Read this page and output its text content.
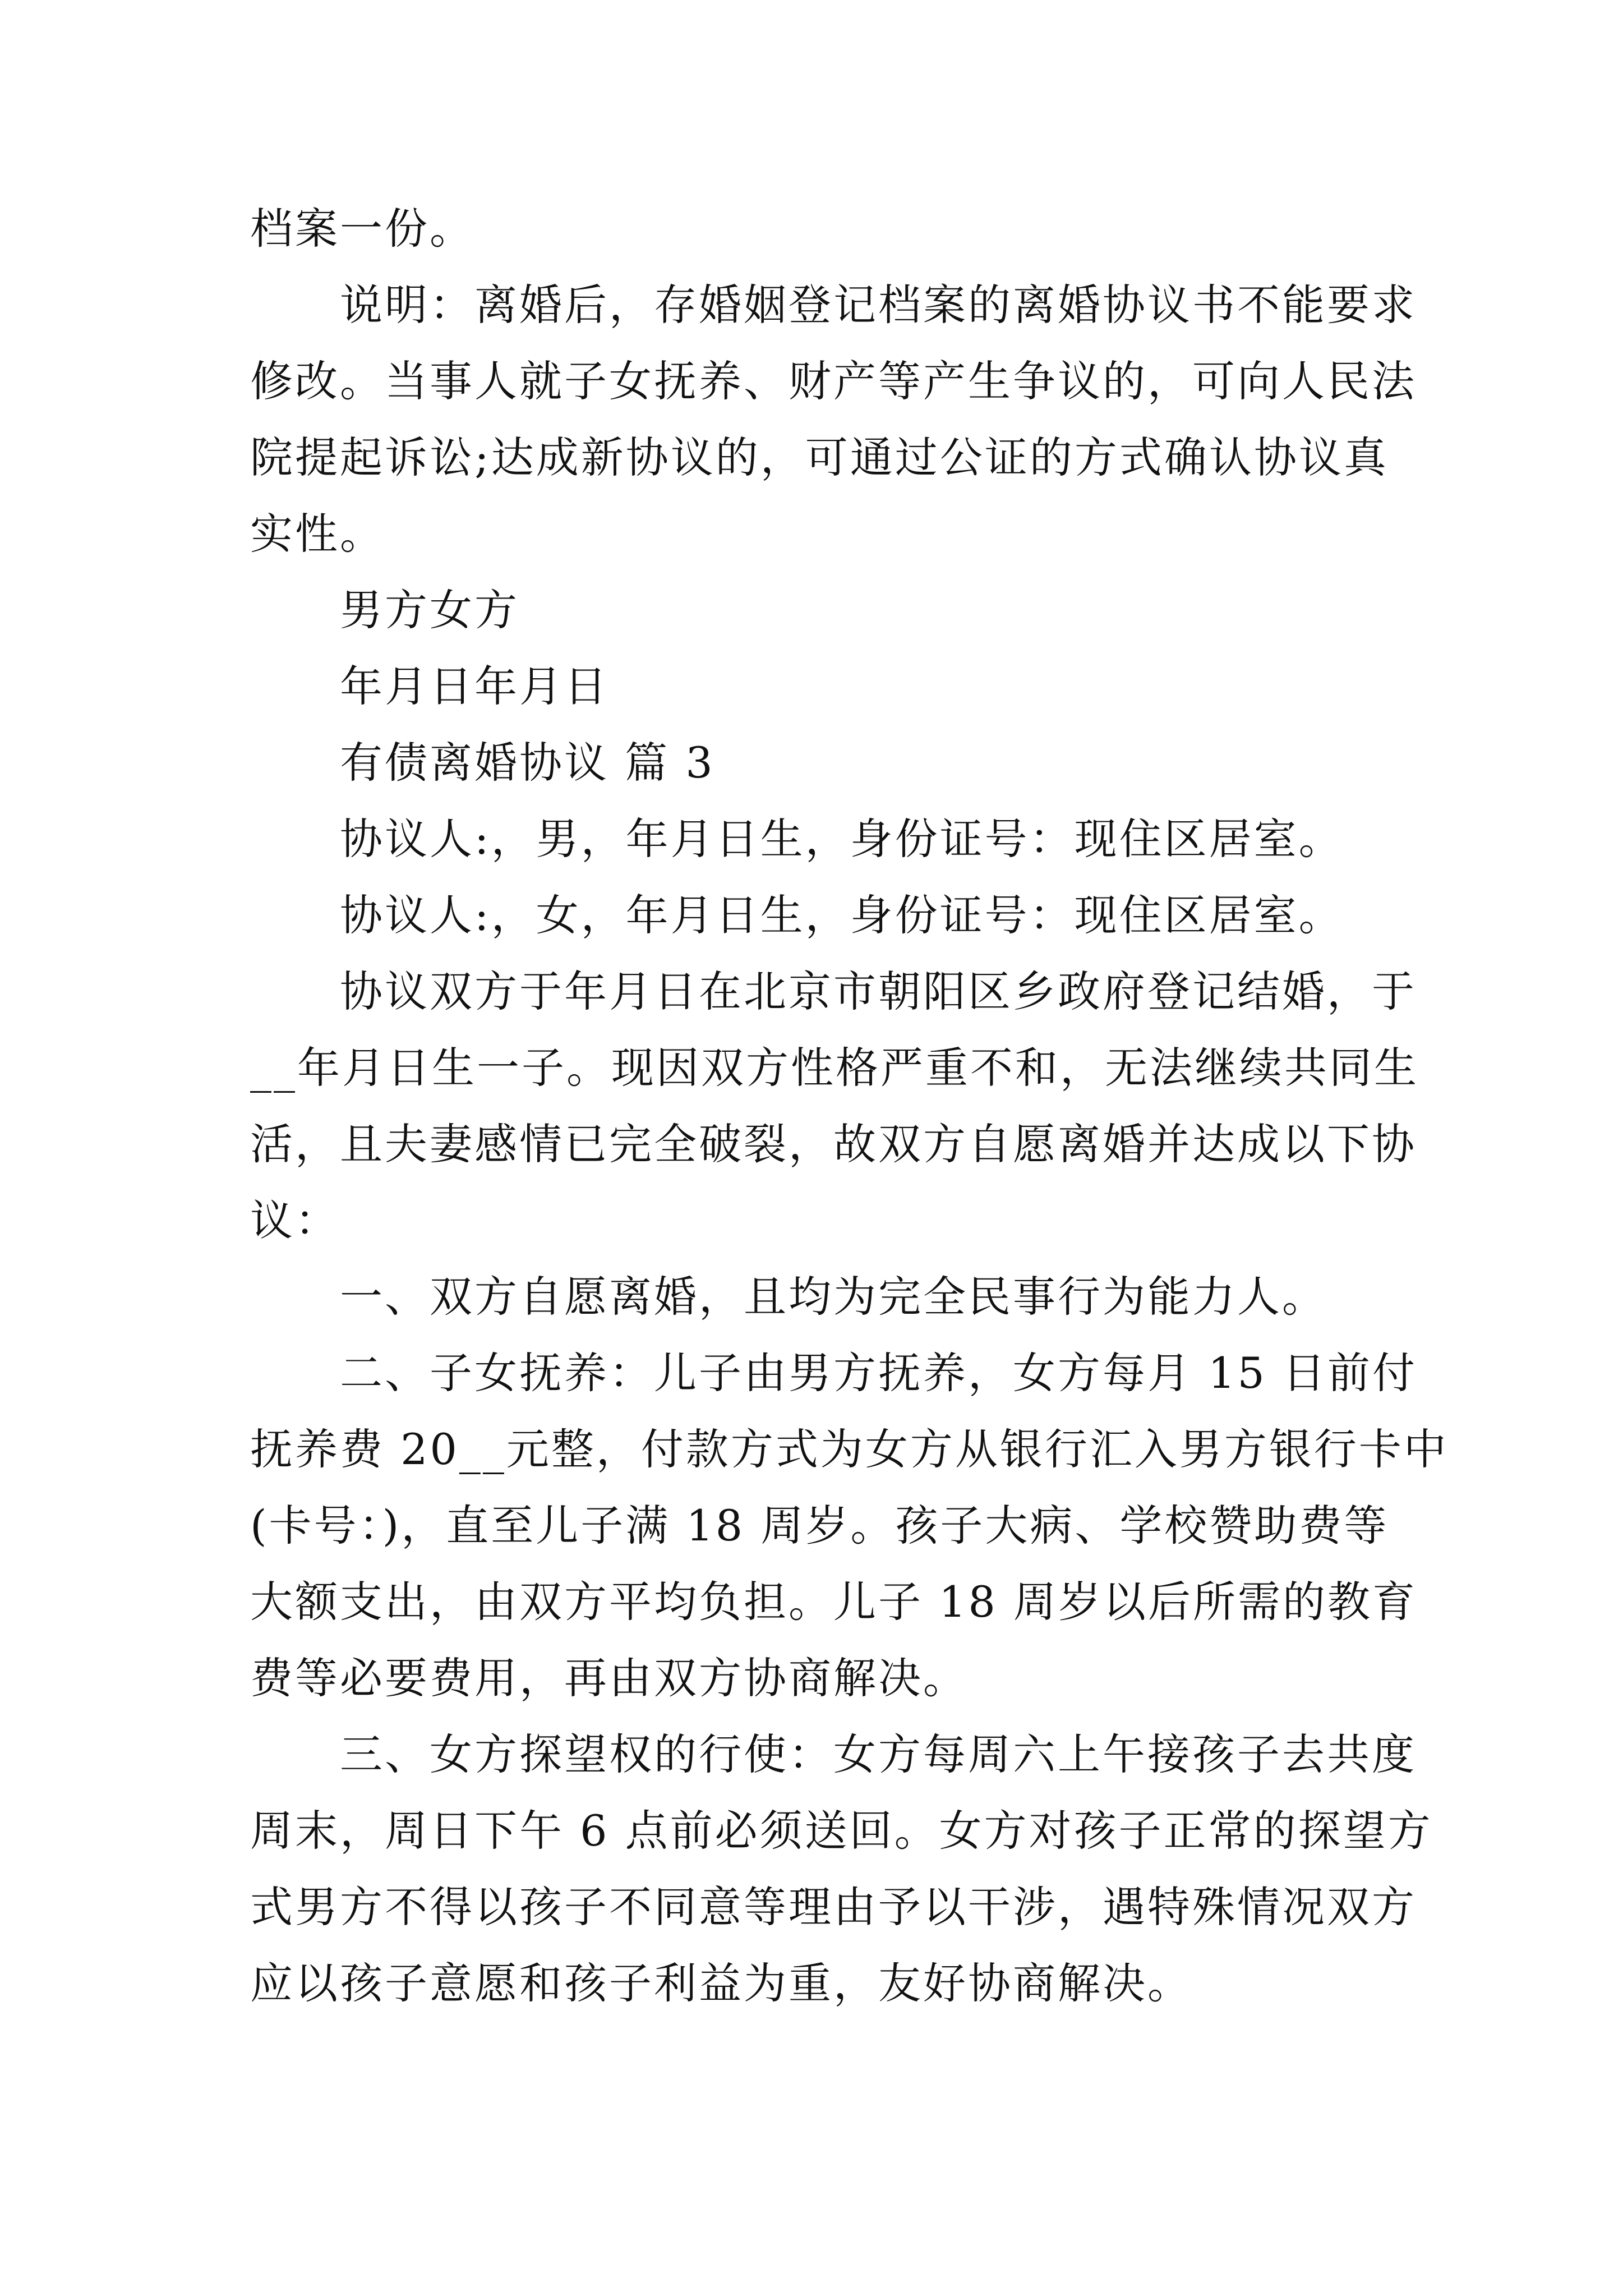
档案一份。
说明：离婚后，存婚姻登记档案的离婚协议书不能要求
修改。当事人就子女抚养、财产等产生争议的，可向人民法
院提起诉讼;达成新协议的，可通过公证的方式确认协议真
实性。
男方女方
年月日年月日
有债离婚协议 篇 3
协议人:，男，年月日生，身份证号：现住区居室。
协议人:，女，年月日生，身份证号：现住区居室。
协议双方于年月日在北京市朝阳区乡政府登记结婚，于
__年月日生一子。现因双方性格严重不和，无法继续共同生
活，且夫妻感情已完全破裂，故双方自愿离婚并达成以下协
议：
一、双方自愿离婚，且均为完全民事行为能力人。
二、子女抚养：儿子由男方抚养，女方每月 15 日前付
抚养费 20__元整，付款方式为女方从银行汇入男方银行卡中
(卡号：)，直至儿子满 18 周岁。孩子大病、学校赞助费等
大额支出，由双方平均负担。儿子 18 周岁以后所需的教育
费等必要费用，再由双方协商解决。
三、女方探望权的行使：女方每周六上午接孩子去共度
周末，周日下午 6 点前必须送回。女方对孩子正常的探望方
式男方不得以孩子不同意等理由予以干涉，遇特殊情况双方
应以孩子意愿和孩子利益为重，友好协商解决。
